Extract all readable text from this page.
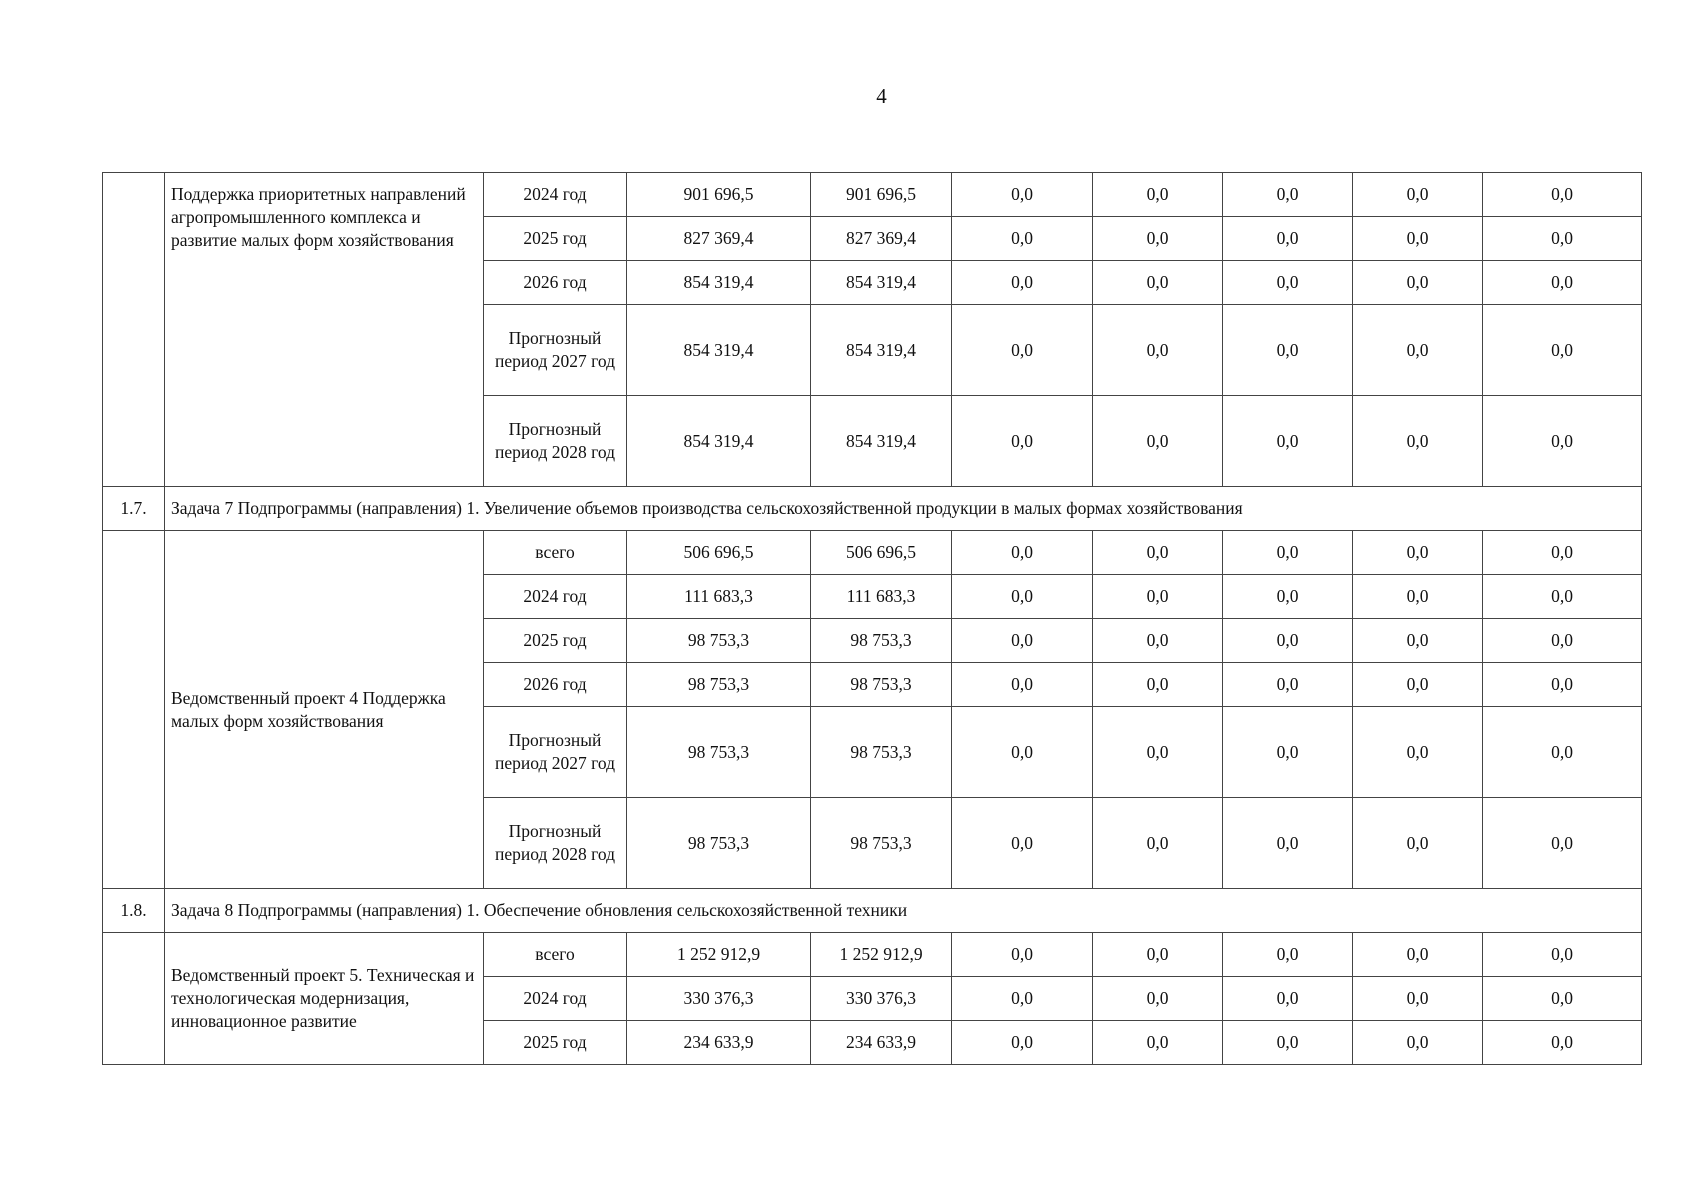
4
	Поддержка приоритетных направлений агропромышленного комплекса и развитие малых форм хозяйствования	2024 год	901 696,5	901 696,5	0,0	0,0	0,0	0,0	0,0
		2025 год	827 369,4	827 369,4	0,0	0,0	0,0	0,0	0,0
		2026 год	854 319,4	854 319,4	0,0	0,0	0,0	0,0	0,0
		Прогнозный период 2027 год	854 319,4	854 319,4	0,0	0,0	0,0	0,0	0,0
		Прогнозный период 2028 год	854 319,4	854 319,4	0,0	0,0	0,0	0,0	0,0
1.7.	Задача 7 Подпрограммы (направления) 1. Увеличение объемов производства сельскохозяйственной продукции в малых формах хозяйствования								
	Ведомственный проект 4 Поддержка малых форм хозяйствования	всего	506 696,5	506 696,5	0,0	0,0	0,0	0,0	0,0
		2024 год	111 683,3	111 683,3	0,0	0,0	0,0	0,0	0,0
		2025 год	98 753,3	98 753,3	0,0	0,0	0,0	0,0	0,0
		2026 год	98 753,3	98 753,3	0,0	0,0	0,0	0,0	0,0
		Прогнозный период 2027 год	98 753,3	98 753,3	0,0	0,0	0,0	0,0	0,0
		Прогнозный период 2028 год	98 753,3	98 753,3	0,0	0,0	0,0	0,0	0,0
1.8.	Задача 8 Подпрограммы (направления) 1. Обеспечение обновления сельскохозяйственной техники								
	Ведомственный проект 5. Техническая и технологическая модернизация, инновационное развитие	всего	1 252 912,9	1 252 912,9	0,0	0,0	0,0	0,0	0,0
		2024 год	330 376,3	330 376,3	0,0	0,0	0,0	0,0	0,0
		2025 год	234 633,9	234 633,9	0,0	0,0	0,0	0,0	0,0
